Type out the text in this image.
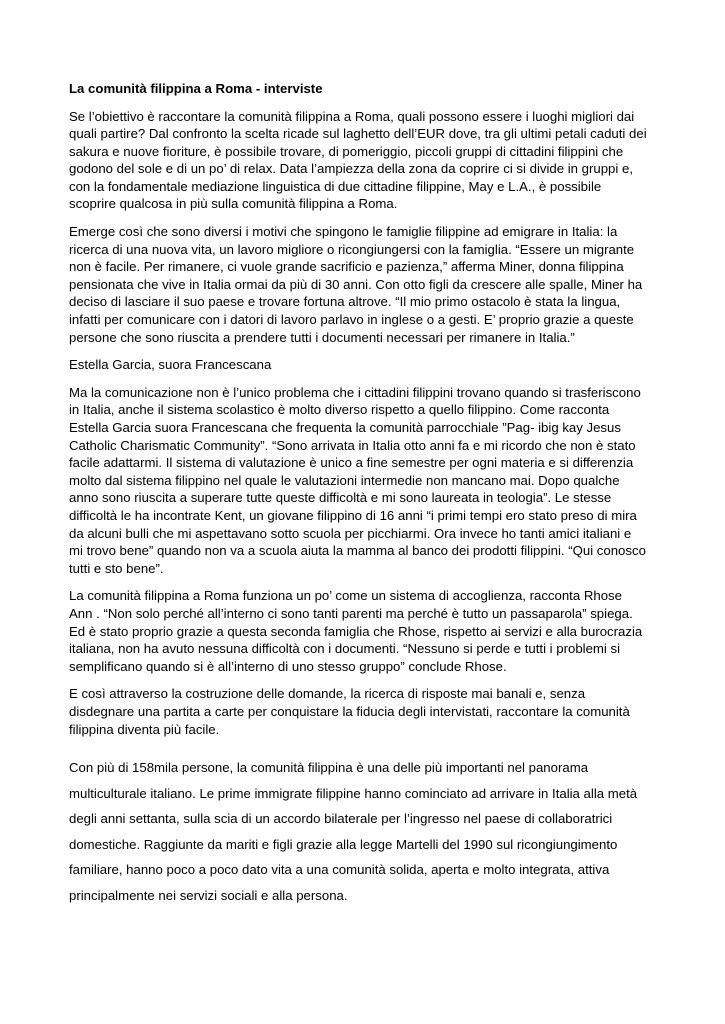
La comunità filippina a Roma - interviste

Se l’obiettivo è raccontare la comunità filippina a Roma, quali possono essere i luoghi migliori dai
quali partire? Dal confronto la scelta ricade sul laghetto dell’EUR dove, tra gli ultimi petali caduti dei
sakura e nuove fioriture, è possibile trovare, di pomeriggio, piccoli gruppi di cittadini filippini che
godono del sole e di un po’ di relax. Data l’ampiezza della zona da coprire ci si divide in gruppi e,
con la fondamentale mediazione linguistica di due cittadine filippine, May e L.A., è possibile
scoprire qualcosa in più sulla comunità filippina a Roma.

Emerge così che sono diversi i motivi che spingono le famiglie filippine ad emigrare in Italia: la
ricerca di una nuova vita, un lavoro migliore o ricongiungersi con la famiglia. “Essere un migrante
non è facile. Per rimanere, ci vuole grande sacrificio e pazienza,” afferma Miner, donna filippina
pensionata che vive in Italia ormai da più di 30 anni. Con otto figli da crescere alle spalle, Miner ha
deciso di lasciare il suo paese e trovare fortuna altrove. “Il mio primo ostacolo è stata la lingua,
infatti per comunicare con i datori di lavoro parlavo in inglese o a gesti. E’ proprio grazie a queste
persone che sono riuscita a prendere tutti i documenti necessari per rimanere in Italia.”

Estella Garcia, suora Francescana

Ma la comunicazione non è l’unico problema che i cittadini filippini trovano quando si trasferiscono
in Italia, anche il sistema scolastico è molto diverso rispetto a quello filippino. Come racconta
Estella Garcia suora Francescana che frequenta la comunità parrocchiale ”Pag- ibig kay Jesus
Catholic Charismatic Community”. “Sono arrivata in Italia otto anni fa e mi ricordo che non è stato
facile adattarmi. Il sistema di valutazione è unico a fine semestre per ogni materia e si differenzia
molto dal sistema filippino nel quale le valutazioni intermedie non mancano mai. Dopo qualche
anno sono riuscita a superare tutte queste difficoltà e mi sono laureata in teologia”. Le stesse
difficoltà le ha incontrate Kent, un giovane filippino di 16 anni “i primi tempi ero stato preso di mira
da alcuni bulli che mi aspettavano sotto scuola per picchiarmi. Ora invece ho tanti amici italiani e
mi trovo bene” quando non va a scuola aiuta la mamma al banco dei prodotti filippini. “Qui conosco
tutti e sto bene”.

La comunità filippina a Roma funziona un po’ come un sistema di accoglienza, racconta Rhose
Ann . “Non solo perché all’interno ci sono tanti parenti ma perché è tutto un passaparola” spiega.
Ed è stato proprio grazie a questa seconda famiglia che Rhose, rispetto ai servizi e alla burocrazia
italiana, non ha avuto nessuna difficoltà con i documenti. “Nessuno si perde e tutti i problemi si
semplificano quando si è all’interno di uno stesso gruppo” conclude Rhose.

E così attraverso la costruzione delle domande, la ricerca di risposte mai banali e, senza
disdegnare una partita a carte per conquistare la fiducia degli intervistati, raccontare la comunità
filippina diventa più facile.

Con più di 158mila persone, la comunità filippina è una delle più importanti nel panorama
multiculturale italiano. Le prime immigrate filippine hanno cominciato ad arrivare in Italia alla metà
degli anni settanta, sulla scia di un accordo bilaterale per l’ingresso nel paese di collaboratrici
domestiche. Raggiunte da mariti e figli grazie alla legge Martelli del 1990 sul ricongiungimento
familiare, hanno poco a poco dato vita a una comunità solida, aperta e molto integrata, attiva
principalmente nei servizi sociali e alla persona.
